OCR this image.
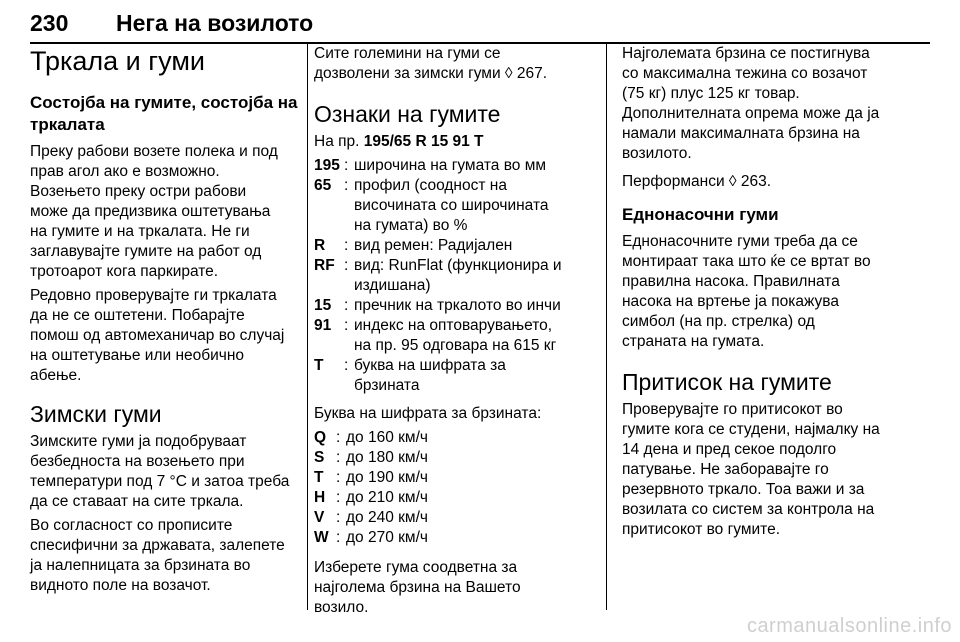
230 Нега на возилото
Тркала и гуми
Состојба на гумите, состојба на тркалата

Преку рабови возете полека и под
прав агол ако е возможно.
Возењето преку остри рабови
може да предизвика оштетувања
на гумите и на тркалата. Не ги
заглавувајте гумите на работ од
тротоарот кога паркирате.

Редовно проверувајте ги тркалата
да не се оштетени. Побарајте
помош од автомеханичар во случај
на оштетување или необично
абење.

Зимски гуми

Зимските гуми ја подобруваат
безбедноста на возењето при
температури под 7 °C и затоа треба
да се ставаат на сите тркала.

Во согласност со прописите
спесифични за државата, залепете
ја налепницата за брзината во
видното поле на возачот.

Сите големини на гуми се
дозволени за зимски гуми ◊ 267.

Ознаки на гумите

На пр. 195/65 R 15 91 T

195 : широчина на гумата во мм
65 : профил (соодност на
височината со широчината
на гумата) во %
R	: вид ремен: Радијален
RF : вид: RunFlat (функционира и
издишана)
15 : пречник на тркалото во инчи
91 : индекс на оптоварувањето,
на пр. 95 одговара на 615 кг
T	: буква на шифрата за
брзината

Буква на шифрата за брзината:

Q : до 160 км/ч
S : до 180 км/ч
T : до 190 км/ч
H : до 210 км/ч
V : до 240 км/ч
W : до 270 км/ч

Изберете гума соодветна за
најголема брзина на Вашето
возило.

Најголемата брзина се постигнува
со максимална тежина со возачот
(75 кг) плус 125 кг товар.
Дополнителната опрема може да ја
намали максималната брзина на
возилото.

Перформанси ◊ 263.

Еднонасочни гуми

Еднонасочните гуми треба да се
монтираат така што ќе се вртат во
правилна насока. Правилната
насока на вртење ја покажува
симбол (на пр. стрелка) од
страната на гумата.

Притисок на гумите

Проверувајте го притисокот во
гумите кога се студени, најмалку на
14 дена и пред секое подолго
патување. Не заборавајте го
резервното тркало. Тоа важи и за
возилата со систем за контрола на
притисокот во гумите.

carmanualsonline.info
